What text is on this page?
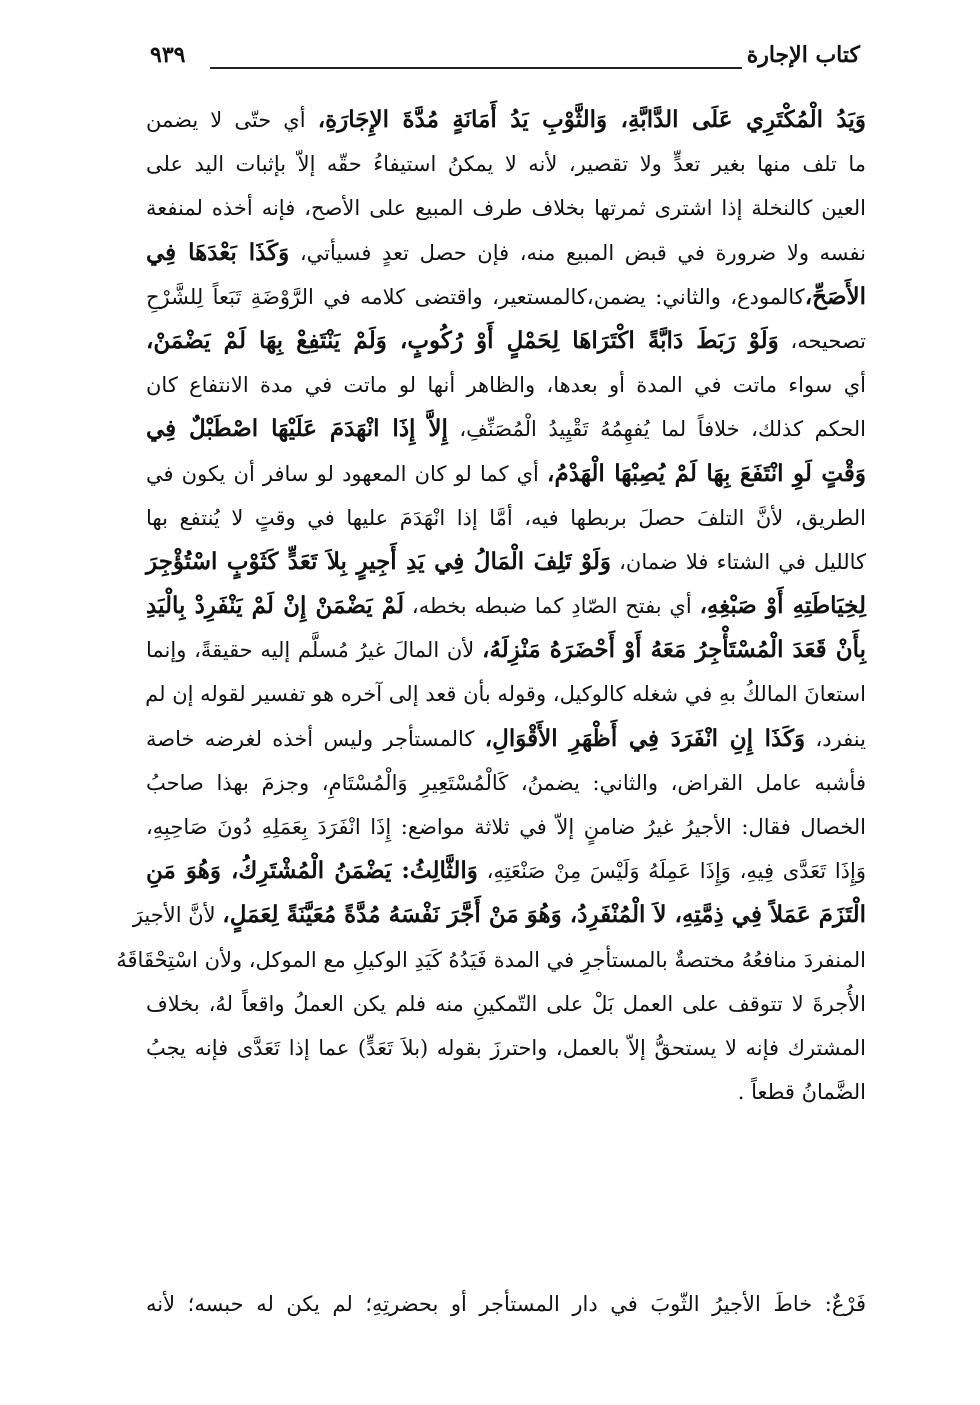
كتاب الإجارة
٩٣٩
وَيَدُ الْمُكْتَرِي عَلَى الدَّابَّةِ، وَالثَّوْبِ يَدُ أَمَانَةٍ مُدَّةَ الإِجَارَةِ، أي حتّى لا يضمن
ما تلف منها بغير تعدٍّ ولا تقصير، لأنه لا يمكنُ استيفاءُ حقّه إلاّ بإثبات اليد على
العين كالنخلة إذا اشترى ثمرتها بخلاف طرف المبيع على الأصح، فإنه أخذه لمنفعة
نفسه ولا ضرورة في قبض المبيع منه، فإن حصل تعدٍ فسيأتي، وَكَذَا بَعْدَهَا فِي
الأَصَحِّ،كالمودع، والثاني: يضمن،كالمستعير، واقتضى كلامه في الرَّوْضَةِ تَبَعاً لِلشَّرْحِ
تصحيحه، وَلَوْ رَبَطَ دَابَّةً اكْتَرَاهَا لِحَمْلٍ أَوْ رُكُوبٍ، وَلَمْ يَنْتَفِعْ بِهَا لَمْ يَضْمَنْ،
أي سواء ماتت في المدة أو بعدها، والظاهر أنها لو ماتت في مدة الانتفاع كان
الحكم كذلك، خلافاً لما يُفهِمُهُ تَقْيِيدُ الْمُصَنِّفِ، إِلاَّ إِذَا انْهَدَمَ عَلَيْهَا اصْطَبْلٌ فِي
وَقْتٍ لَوِ انْتَفَعَ بِهَا لَمْ يُصِبْهَا الْهَدْمُ، أي كما لو كان المعهود لو سافر أن يكون في
الطريق، لأنَّ التلفَ حصلَ بربطها فيه، أمَّا إذا انْهَدَمَ عليها في وقتٍ لا يُنتفع بها
كالليل في الشتاء فلا ضمان، وَلَوْ تَلِفَ الْمَالُ فِي يَدِ أَجِيرٍ بِلاَ تَعَدٍّ كَثَوْبٍ اسْتُؤْجِرَ
لِخِيَاطَتِهِ أَوْ صَبْغِهِ، أي بفتح الصّادِ كما ضبطه بخطه، لَمْ يَضْمَنْ إِنْ لَمْ يَنْفَرِدْ بِالْيَدِ
بِأَنْ قَعَدَ الْمُسْتَأْجِرُ مَعَهُ أَوْ أَحْضَرَهُ مَنْزِلَهُ، لأن المالَ غيرُ مُسلَّم إليه حقيقةً، وإنما
استعانَ المالكُ بهِ في شغله كالوكيل، وقوله بأن قعد إلى آخره هو تفسير لقوله إن لم
ينفرد، وَكَذَا إِنِ انْفَرَدَ فِي أَظْهَرِ الأَقْوَالِ، كالمستأجر وليس أخذه لغرضه خاصة
فأشبه عامل القراض، والثاني: يضمنُ، كَالْمُسْتَعِيرِ وَالْمُسْتَامِ، وجزمَ بهذا صاحبُ
الخصال فقال: الأجيرُ غيرُ ضامنٍ إلاّ في ثلاثة مواضع: إِذَا انْفَرَدَ بِعَمَلِهِ دُونَ صَاحِبِهِ،
وَإِذَا تَعَدَّى فِيهِ، وَإِذَا عَمِلَهُ وَلَيْسَ مِنْ صَنْعَتِهِ، وَالثَّالِثُ: يَضْمَنُ الْمُشْتَرِكُ، وَهُوَ مَنِ
الْتَزَمَ عَمَلاً فِي ذِمَّتِهِ، لاَ الْمُنْفَرِدُ، وَهُوَ مَنْ أَجَّرَ نَفْسَهُ مُدَّةً مُعَيَّنَةً لِعَمَلٍ، لأنَّ الأجيرَ
المنفردَ منافعُهُ مختصةٌ بالمستأجرِ في المدة فَيَدُهُ كَيَدِ الوكيلِ مع الموكل، ولأن اسْتِحْقَاقَهُ
الأُجرةَ لا تتوقف على العمل بَلْ على التّمكينِ منه فلم يكن العملُ واقعاً لهُ، بخلاف
المشترك فإنه لا يستحقُّ إلاّ بالعمل، واحترزَ بقوله (بلاَ تَعَدٍّ) عما إذا تَعَدَّى فإنه يجبُ
الضَّمانُ قطعاً .
فَرْعٌ: خاطَ الأجيرُ الثّوبَ في دار المستأجر أو بحضرتِهِ؛ لم يكن له حبسه؛ لأنه
